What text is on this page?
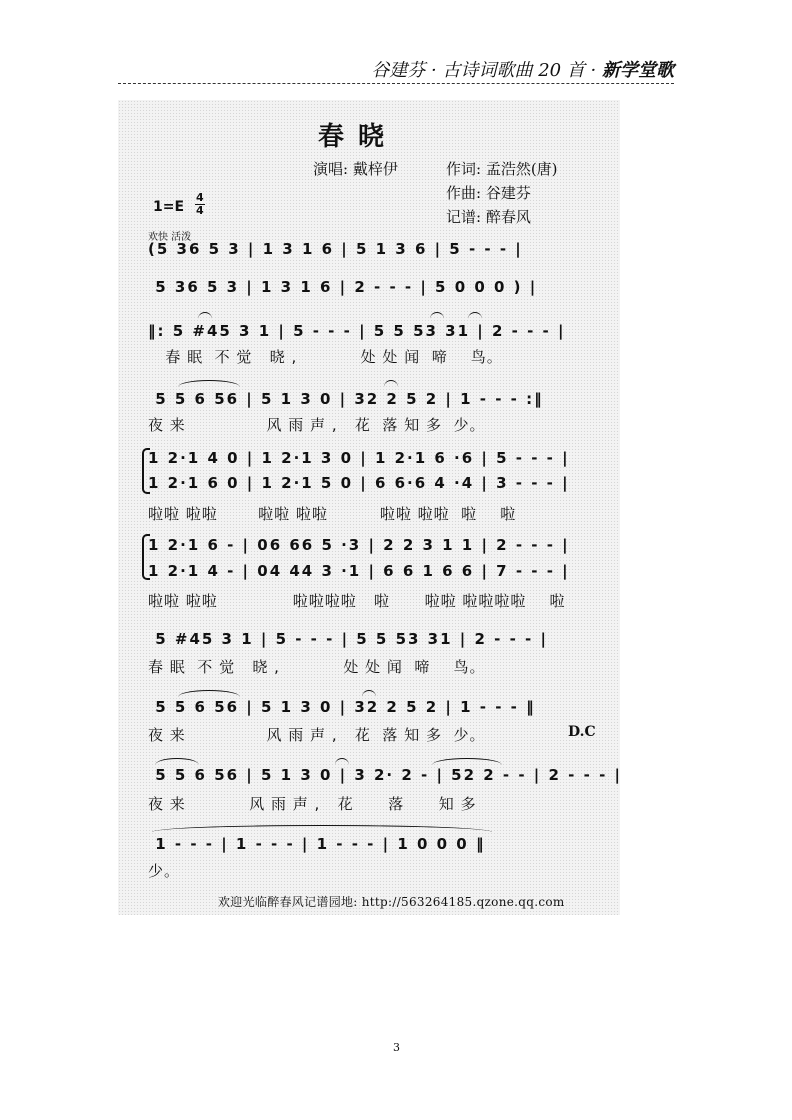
谷建芬 · 古诗词歌曲 20 首 · 新学堂歌
春晓
演唱: 戴梓伊	作词: 孟浩然(唐)
作曲: 谷建芬
记谱: 醉春风
1=E
4
4
欢快 活泼
(5 36 5 3 | 1 3 1 6 | 5 1 3 6 | 5 - - - |
5 36 5 3 | 1 3 1 6 | 2 - - - | 5 0 0 0 ) |
‖: 5 #45 3 1 | 5 - - - | 5 5 53 31 | 2 - - - |
春 眠  不 觉   晓 ,           处 处 闻  啼    鸟。
5 5 6 56 | 5 1 3 0 | 32 2 5 2 | 1 - - - :‖
夜 来              风 雨 声 ,   花  落 知 多  少。
1 2·1 4 0 | 1 2·1 3 0 | 1 2·1 6 ·6 | 5 - - - |
1 2·1 6 0 | 1 2·1 5 0 | 6 6·6 4 ·4 | 3 - - - |
啦啦 啦啦       啦啦 啦啦         啦啦 啦啦  啦    啦
1 2·1 6 - | 06 66 5 ·3 | 2 2 3 1 1 | 2 - - - |
1 2·1 4 - | 04 44 3 ·1 | 6 6 1 6 6 | 7 - - - |
啦啦 啦啦             啦啦啦啦   啦      啦啦 啦啦啦啦    啦
5 #45 3 1 | 5 - - - | 5 5 53 31 | 2 - - - |
春 眠  不 觉   晓 ,           处 处 闻  啼    鸟。
5 5 6 56 | 5 1 3 0 | 32 2 5 2 | 1 - - - ‖
夜 来              风 雨 声 ,   花  落 知 多  少。	D.C
5 5 6 56 | 5 1 3 0 | 3 2· 2 - | 52 2 - - | 2 - - - |
夜 来           风 雨 声 ,   花      落      知 多
1 - - - | 1 - - - | 1 - - - | 1 0 0 0 ‖
少。
欢迎光临醉春风记谱园地: http://563264185.qzone.qq.com
3
